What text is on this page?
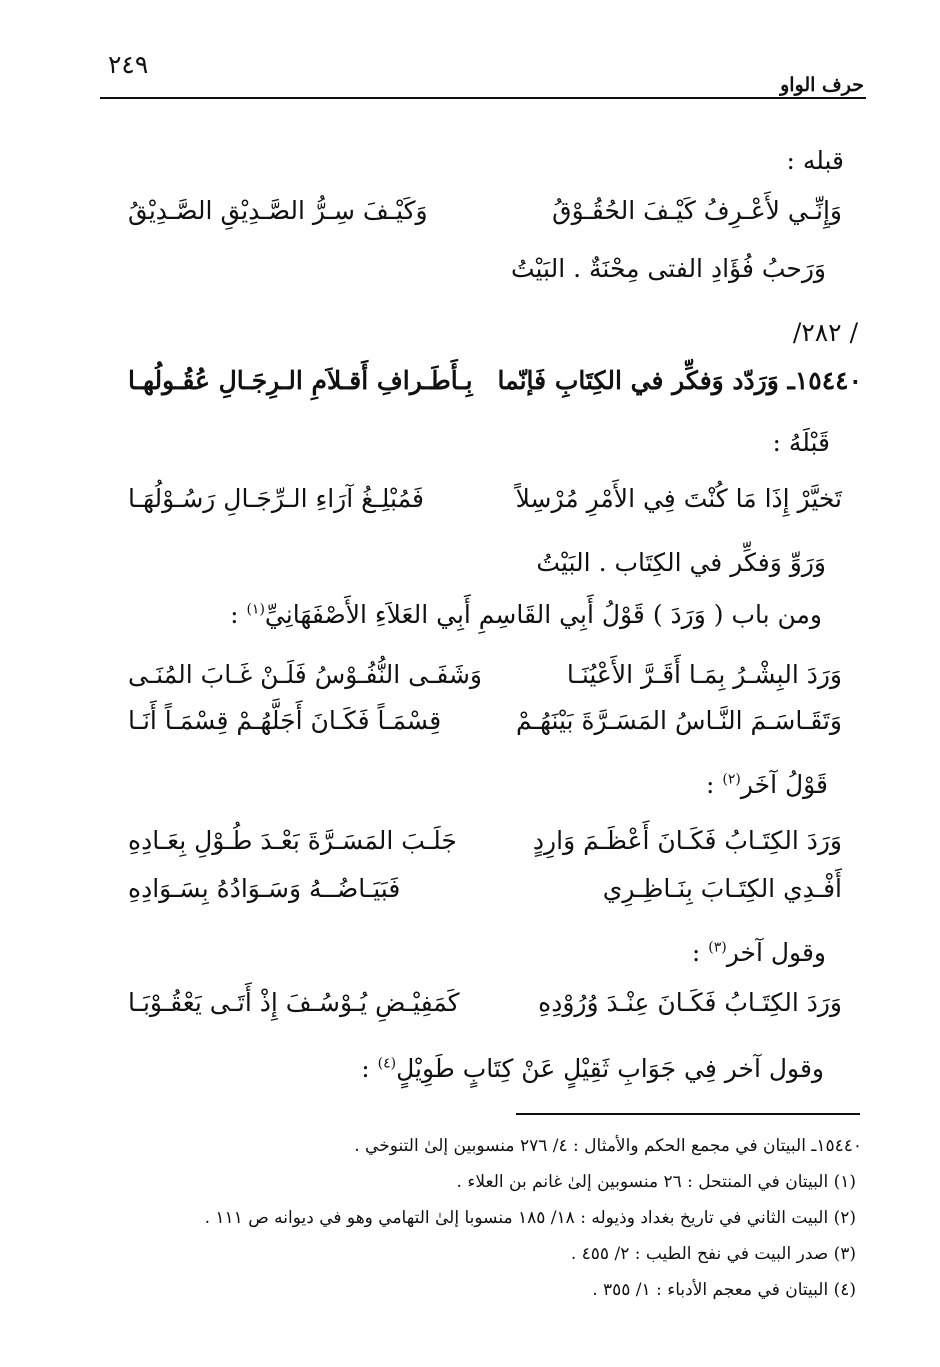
٢٤٩
حرف الواو
قبله :
وَإِنِّـي لأَعْـرِفُ كَيْـفَ الحُقُـوْقُ
وَكَيْـفَ سِـرُّ الصَّـدِيْقِ الصَّـدِيْقُ
وَرَحبُ فُؤَادِ الفتى مِحْنَةٌ . البَيْتُ
/ ٢٨٢/
١٥٤٤٠ـ وَرَدّد وَفكِّر في الكِتَابِ فَإنّما
بِـأَطَـرافِ أَقـلاَمِ الـرِجَـالِ عُقُـولُهـا
قَبْلَهُ :
تَخيَّرْ إِذَا مَا كُنْتَ فِي الأَمْرِ مُرْسِلاً
فَمُبْلِـغُ آرَاءِ الـرِّجَـالِ رَسُـوْلُهَـا
وَرَوِّ وَفكِّر في الكِتَاب . البَيْتُ
ومن باب ( وَرَدَ ) قَوْلُ أَبِي القَاسِمِ أَبِي العَلاَءِ الأَصْفَهَانِيِّ$^{(١)}$ :
وَرَدَ البِشْـرُ بِمَـا أَقَـرَّ الأَعْيُنَـا
وَشَفَـى النُّفُـوْسُ فَلَـنْ غَـابَ المُنَـى
وَتَقَـاسَـمَ النَّـاسُ المَسَـرَّةَ بَيْنَهُـمْ
قِسْمَـاً فَكَـانَ أَجَلَّهُـمْ قِسْمَـاً أَنَـا
قَوْلُ آخَر$^{(٢)}$ :
وَرَدَ الكِتَـابُ فَكَـانَ أَعْظَـمَ وَارِدٍ
جَلَـبَ المَسَـرَّةَ بَعْـدَ طُـوْلِ بِعَـادِهِ
أَفْـدِي الكِتَـابَ بِنَـاظِـرِي
فَبَيَـاضُــهُ وَسَـوَادُهُ بِسَـوَادِهِ
وقول آخر$^{(٣)}$ :
وَرَدَ الكِتَـابُ فَكَـانَ عِنْـدَ وُرُوْدِهِ
كَمَفِيْـضِ يُـوْسُـفَ إِذْ أَتَـى يَعْقُـوْبَـا
وقول آخر فِي جَوَابِ ثَقِيْلٍ عَنْ كِتَابٍ طَوِيْلٍ$^{(٤)}$ :
١٥٤٤٠ـ البيتان في مجمع الحكم والأمثال : ٤/ ٢٧٦ منسوبين إلىٰ التنوخي .
(١) البيتان في المنتحل : ٢٦ منسوبين إلىٰ غانم بن العلاء .
(٢) البيت الثاني في تاريخ بغداد وذيوله : ١٨/ ١٨٥ منسوبا إلىٰ التهامي وهو في ديوانه ص ١١١ .
(٣) صدر البيت في نفح الطيب : ٢/ ٤٥٥ .
(٤) البيتان في معجم الأدباء : ١/ ٣٥٥ .
